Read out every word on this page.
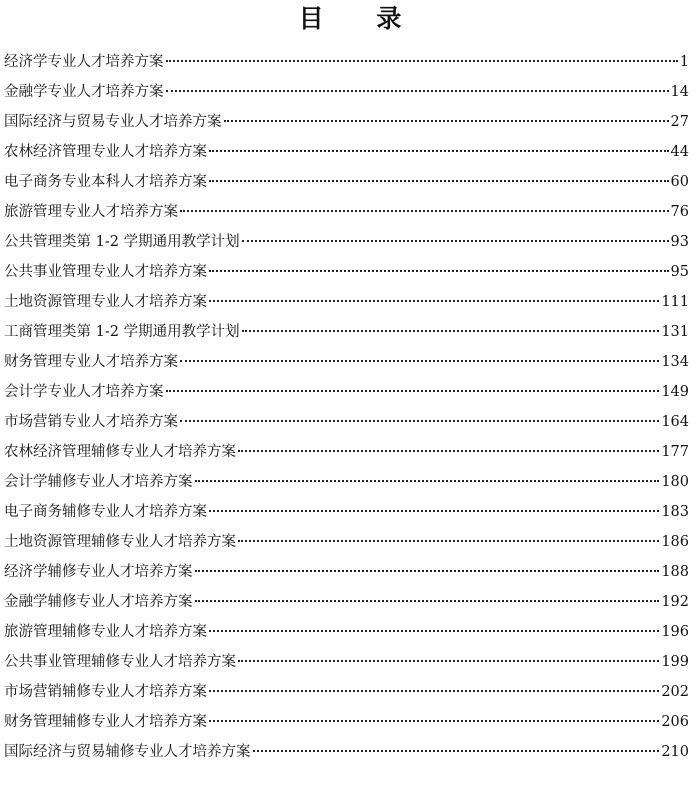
目 录
经济学专业人才培养方案	1
金融学专业人才培养方案	14
国际经济与贸易专业人才培养方案	27
农林经济管理专业人才培养方案	44
电子商务专业本科人才培养方案	60
旅游管理专业人才培养方案	76
公共管理类第 1-2 学期通用教学计划	93
公共事业管理专业人才培养方案	95
土地资源管理专业人才培养方案	111
工商管理类第 1-2 学期通用教学计划	131
财务管理专业人才培养方案	134
会计学专业人才培养方案	149
市场营销专业人才培养方案	164
农林经济管理辅修专业人才培养方案	177
会计学辅修专业人才培养方案	180
电子商务辅修专业人才培养方案	183
土地资源管理辅修专业人才培养方案	186
经济学辅修专业人才培养方案	188
金融学辅修专业人才培养方案	192
旅游管理辅修专业人才培养方案	196
公共事业管理辅修专业人才培养方案	199
市场营销辅修专业人才培养方案	202
财务管理辅修专业人才培养方案	206
国际经济与贸易辅修专业人才培养方案	210
